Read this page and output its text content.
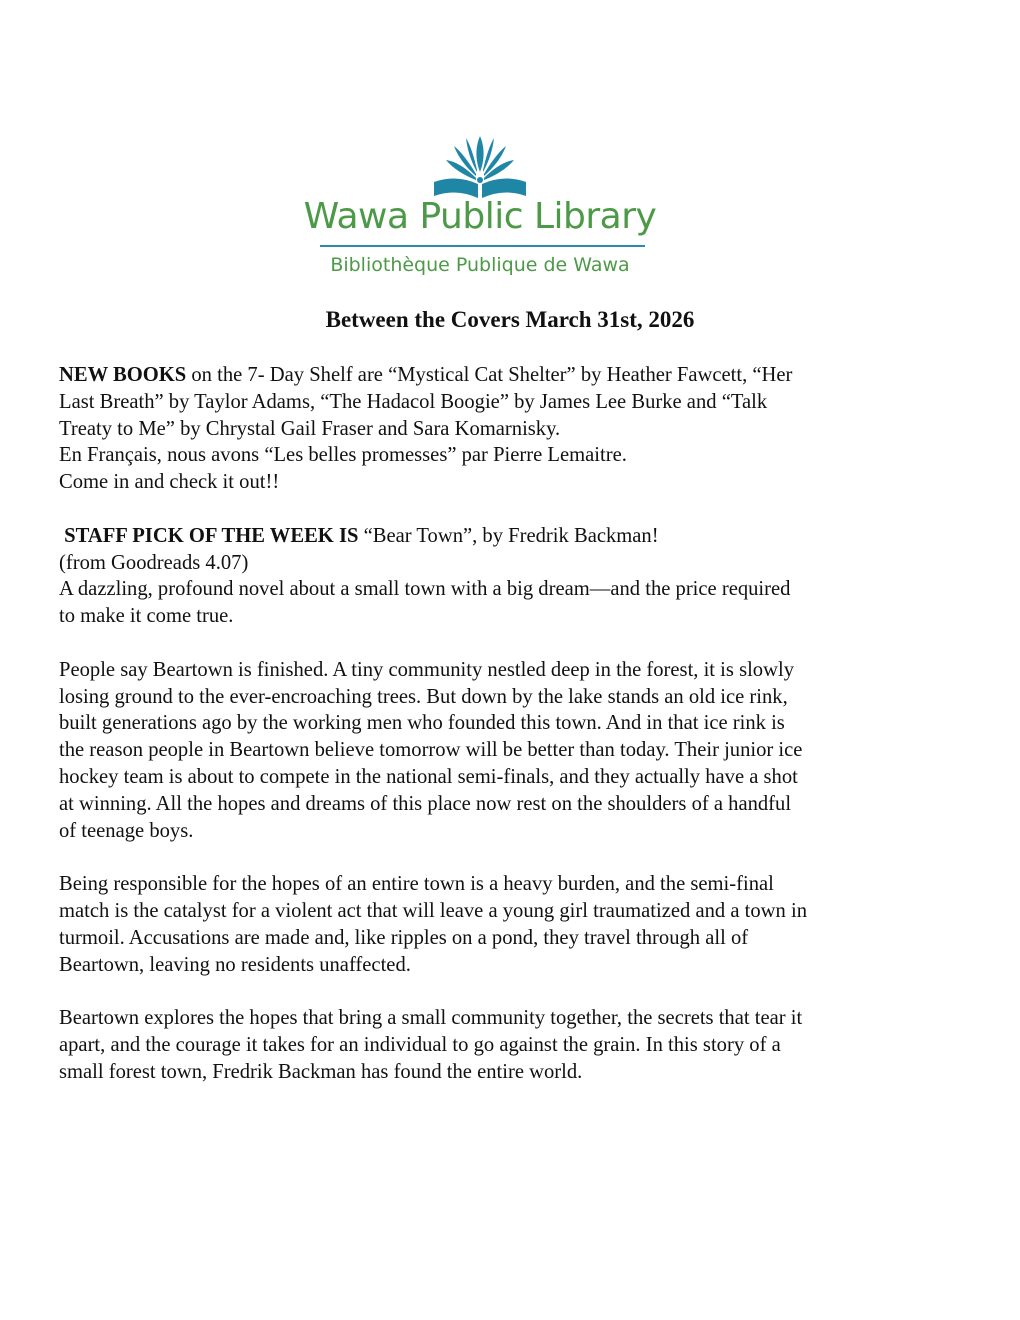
Wawa Public Library
Bibliothèque Publique de Wawa
Between the Covers March 31st, 2026

NEW BOOKS on the 7- Day Shelf are “Mystical Cat Shelter” by Heather Fawcett, “Her

Last Breath” by Taylor Adams, “The Hadacol Boogie” by James Lee Burke and “Talk

Treaty to Me” by Chrystal Gail Fraser and Sara Komarnisky.

En Français, nous avons “Les belles promesses” par Pierre Lemaitre.

Come in and check it out!!

STAFF PICK OF THE WEEK IS “Bear Town”, by Fredrik Backman!

(from Goodreads 4.07)

A dazzling, profound novel about a small town with a big dream—and the price required

to make it come true.

People say Beartown is finished. A tiny community nestled deep in the forest, it is slowly

losing ground to the ever-encroaching trees. But down by the lake stands an old ice rink,

built generations ago by the working men who founded this town. And in that ice rink is

the reason people in Beartown believe tomorrow will be better than today. Their junior ice

hockey team is about to compete in the national semi-finals, and they actually have a shot

at winning. All the hopes and dreams of this place now rest on the shoulders of a handful

of teenage boys.

Being responsible for the hopes of an entire town is a heavy burden, and the semi-final

match is the catalyst for a violent act that will leave a young girl traumatized and a town in

turmoil. Accusations are made and, like ripples on a pond, they travel through all of

Beartown, leaving no residents unaffected.

Beartown explores the hopes that bring a small community together, the secrets that tear it

apart, and the courage it takes for an individual to go against the grain. In this story of a

small forest town, Fredrik Backman has found the entire world.
